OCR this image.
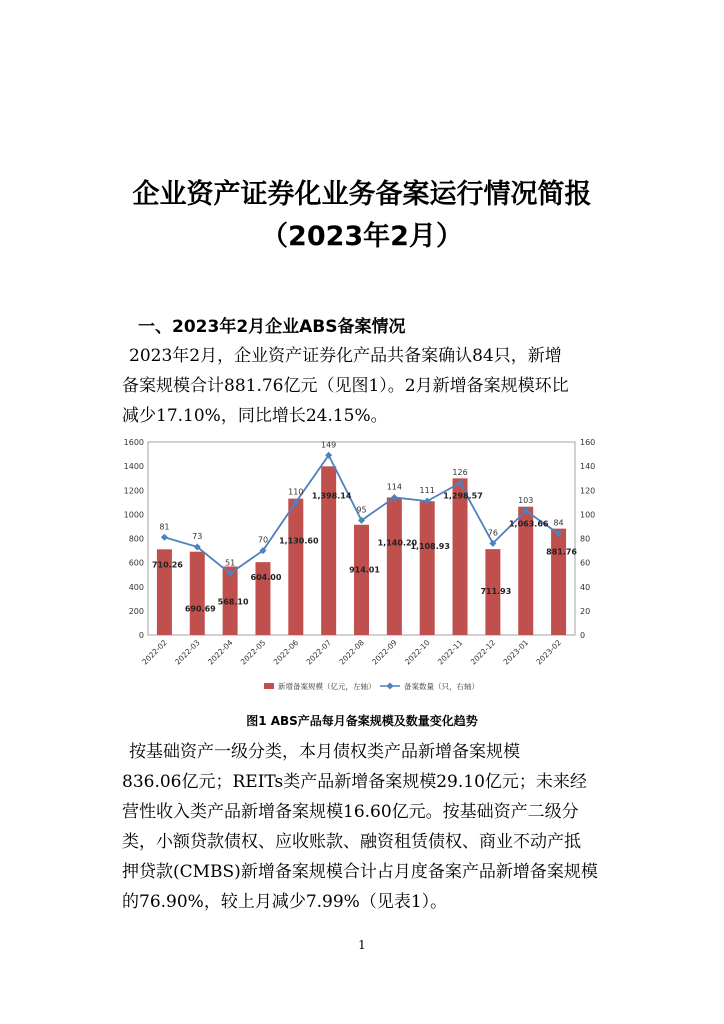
企业资产证券化业务备案运行情况简报
（2023年2月）
一、2023年2月企业ABS备案情况
2023年2月，企业资产证券化产品共备案确认84只，新增
备案规模合计881.76亿元（见图1）。2月新增备案规模环比
减少17.10%，同比增长24.15%。
0
200
400
600
800
1000
1200
1400
1600
0
20
40
60
80
100
120
140
160
2022-02 2022-03 2022-04 2022-05 2022-06 2022-07 2022-08 2022-09 2022-10 2022-11 2022-12 2023-01 2023-02
81
73
51
70
110
149
95
114 111
126
76
103
84
710.26
690.69
568.10
604.00
1,130.60
1,398.14
914.01
1,140.20
1,108.93
1,298.57
711.93
1,063.66
881.76
新增备案规模（亿元，左轴）	备案数量（只，右轴）
图1 ABS产品每月备案规模及数量变化趋势
按基础资产一级分类，本月债权类产品新增备案规模
836.06亿元；REITs类产品新增备案规模29.10亿元；未来经
营性收入类产品新增备案规模16.60亿元。按基础资产二级分
类，小额贷款债权、应收账款、融资租赁债权、商业不动产抵
押贷款(CMBS)新增备案规模合计占月度备案产品新增备案规模
的76.90%，较上月减少7.99%（见表1）。
1
